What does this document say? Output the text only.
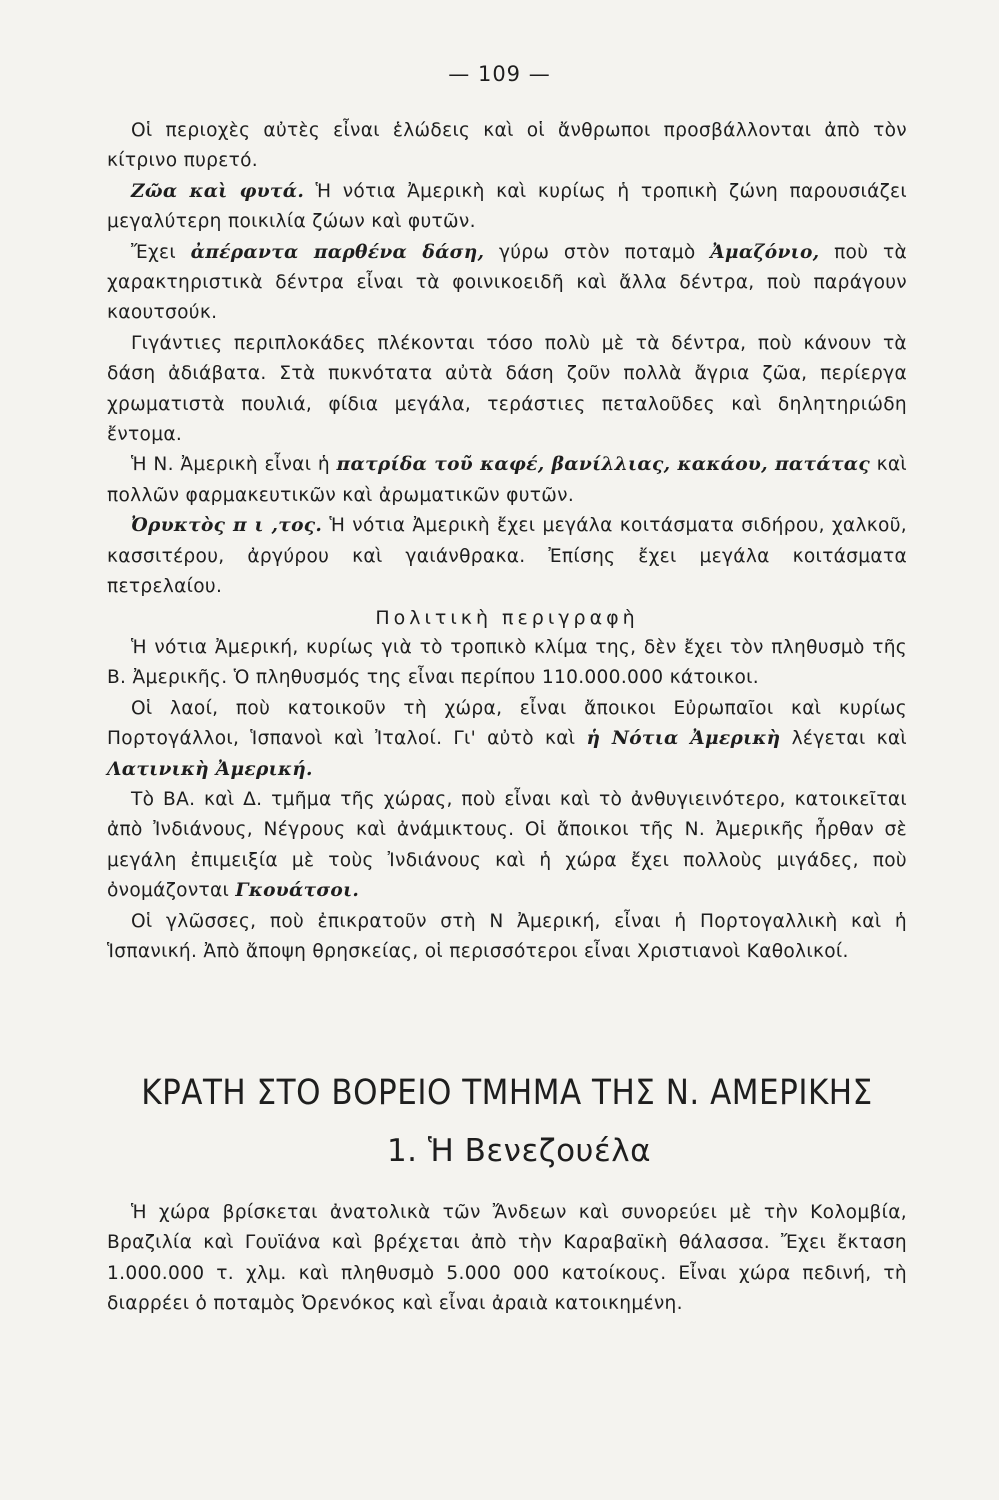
— 109 —

Οἱ περιοχὲς αὐτὲς εἶναι ἑλώδεις καὶ οἱ ἄνθρωποι προσβάλλονται ἀπὸ τὸν κίτρινο πυρετό.

Ζῶα καὶ φυτά. Ἡ νότια Ἀμερικὴ καὶ κυρίως ἡ τροπικὴ ζώνη παρουσιάζει μεγαλύτερη ποικιλία ζώων καὶ φυτῶν.

Ἔχει ἀπέραντα παρθένα δάση, γύρω στὸν ποταμὸ Ἀμαζόνιο, ποὺ τὰ χαρακτηριστικὰ δέντρα εἶναι τὰ φοινικοειδῆ καὶ ἄλλα δέντρα, ποὺ παράγουν καουτσούκ.

Γιγάντιες περιπλοκάδες πλέκονται τόσο πολὺ μὲ τὰ δέντρα, ποὺ κάνουν τὰ δάση ἀδιάβατα. Στὰ πυκνότατα αὐτὰ δάση ζοῦν πολλὰ ἄγρια ζῶα, περίεργα χρωματιστὰ πουλιά, φίδια μεγάλα, τεράστιες πεταλοῦδες καὶ δηλητηριώδη ἔντομα.

Ἡ Ν. Ἀμερικὴ εἶναι ἡ πατρίδα τοῦ καφέ, βανίλλιας, κακάου, πατάτας καὶ πολλῶν φαρμακευτικῶν καὶ ἀρωματικῶν φυτῶν.

Ὀρυκτὸς π ι ,τος. Ἡ νότια Ἀμερικὴ ἔχει μεγάλα κοιτάσματα σιδήρου, χαλκοῦ, κασσιτέρου, ἀργύρου καὶ γαιάνθρακα. Ἐπίσης ἔχει μεγάλα κοιτάσματα πετρελαίου.

Πολιτικὴ περιγραφὴ

Ἡ νότια Ἀμερική, κυρίως γιὰ τὸ τροπικὸ κλίμα της, δὲν ἔχει τὸν πληθυσμὸ τῆς Β. Ἀμερικῆς. Ὁ πληθυσμός της εἶναι περίπου 110.000.000 κάτοικοι.

Οἱ λαοί, ποὺ κατοικοῦν τὴ χώρα, εἶναι ἄποικοι Εὐρωπαῖοι καὶ κυρίως Πορτογάλλοι, Ἱσπανοὶ καὶ Ἰταλοί. Γι' αὐτὸ καὶ ἡ Νότια Ἀμερικὴ λέγεται καὶ Λατινικὴ Ἀμερική.

Τὸ ΒΑ. καὶ Δ. τμῆμα τῆς χώρας, ποὺ εἶναι καὶ τὸ ἀνθυγιεινότερο, κατοικεῖται ἀπὸ Ἰνδιάνους, Νέγρους καὶ ἀνάμικτους. Οἱ ἄποικοι τῆς Ν. Ἀμερικῆς ἦρθαν σὲ μεγάλη ἐπιμειξία μὲ τοὺς Ἰνδιάνους καὶ ἡ χώρα ἔχει πολλοὺς μιγάδες, ποὺ ὀνομάζονται Γκουάτσοι.

Οἱ γλῶσσες, ποὺ ἐπικρατοῦν στὴ Ν Ἀμερική, εἶναι ἡ Πορτογαλλικὴ καὶ ἡ Ἱσπανική. Ἀπὸ ἄποψη θρησκείας, οἱ περισσότεροι εἶναι Χριστιανοὶ Καθολικοί.

ΚΡΑΤΗ ΣΤΟ ΒΟΡΕΙΟ ΤΜΗΜΑ ΤΗΣ Ν. ΑΜΕΡΙΚΗΣ
1. Ἡ Βενεζουέλα

Ἡ χώρα βρίσκεται ἀνατολικὰ τῶν Ἄνδεων καὶ συνορεύει μὲ τὴν Κολομβία, Βραζιλία καὶ Γουϊάνα καὶ βρέχεται ἀπὸ τὴν Καραβαϊκὴ θάλασσα. Ἔχει ἔκταση 1.000.000 τ. χλμ. καὶ πληθυσμὸ 5.000 000 κατοίκους. Εἶναι χώρα πεδινή, τὴ διαρρέει ὁ ποταμὸς Ὀρενόκος καὶ εἶναι ἀραιὰ κατοικημένη.
